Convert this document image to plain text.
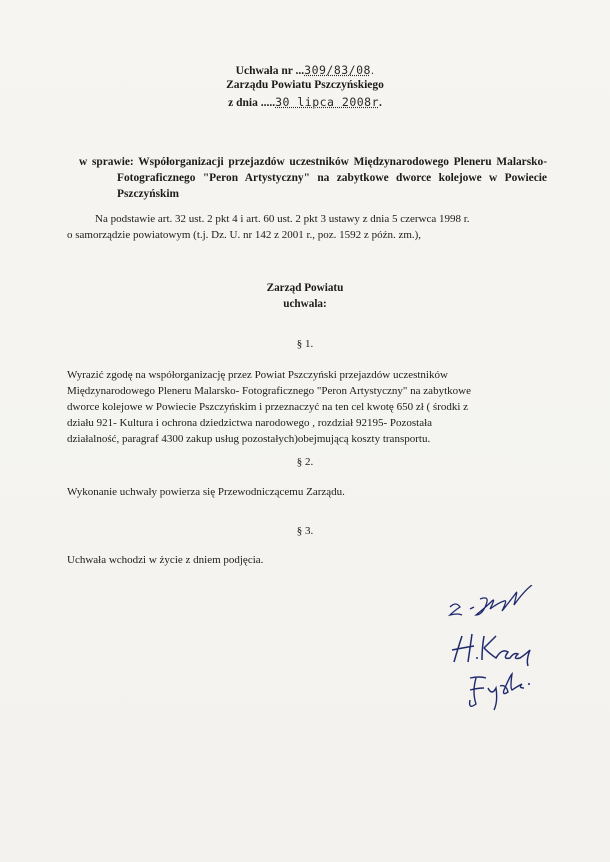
Uchwała nr ...309/83/08.
Zarządu Powiatu Pszczyńskiego
z dnia .....30 lipca 2008r.
w sprawie: Współorganizacji przejazdów uczestników Międzynarodowego Pleneru Malarsko- Fotograficznego "Peron Artystyczny" na zabytkowe dworce kolejowe w Powiecie Pszczyńskim
Na podstawie art. 32 ust. 2 pkt 4 i art. 60 ust. 2 pkt 3 ustawy z dnia 5 czerwca 1998 r.
o samorządzie powiatowym (t.j. Dz. U. nr 142 z 2001 r., poz. 1592 z późn. zm.),
Zarząd Powiatu
uchwala:
§ 1.
Wyrazić zgodę na współorganizację przez Powiat Pszczyński przejazdów uczestników
Międzynarodowego Pleneru Malarsko- Fotograficznego "Peron Artystyczny" na zabytkowe
dworce kolejowe w Powiecie Pszczyńskim i przeznaczyć na ten cel kwotę 650 zł ( środki z
działu 921- Kultura i ochrona dziedzictwa narodowego , rozdział 92195- Pozostała
działalność, paragraf 4300 zakup usług pozostałych)obejmującą koszty transportu.
§ 2.
Wykonanie uchwały powierza się Przewodniczącemu Zarządu.
§ 3.
Uchwała wchodzi w życie z dniem podjęcia.
